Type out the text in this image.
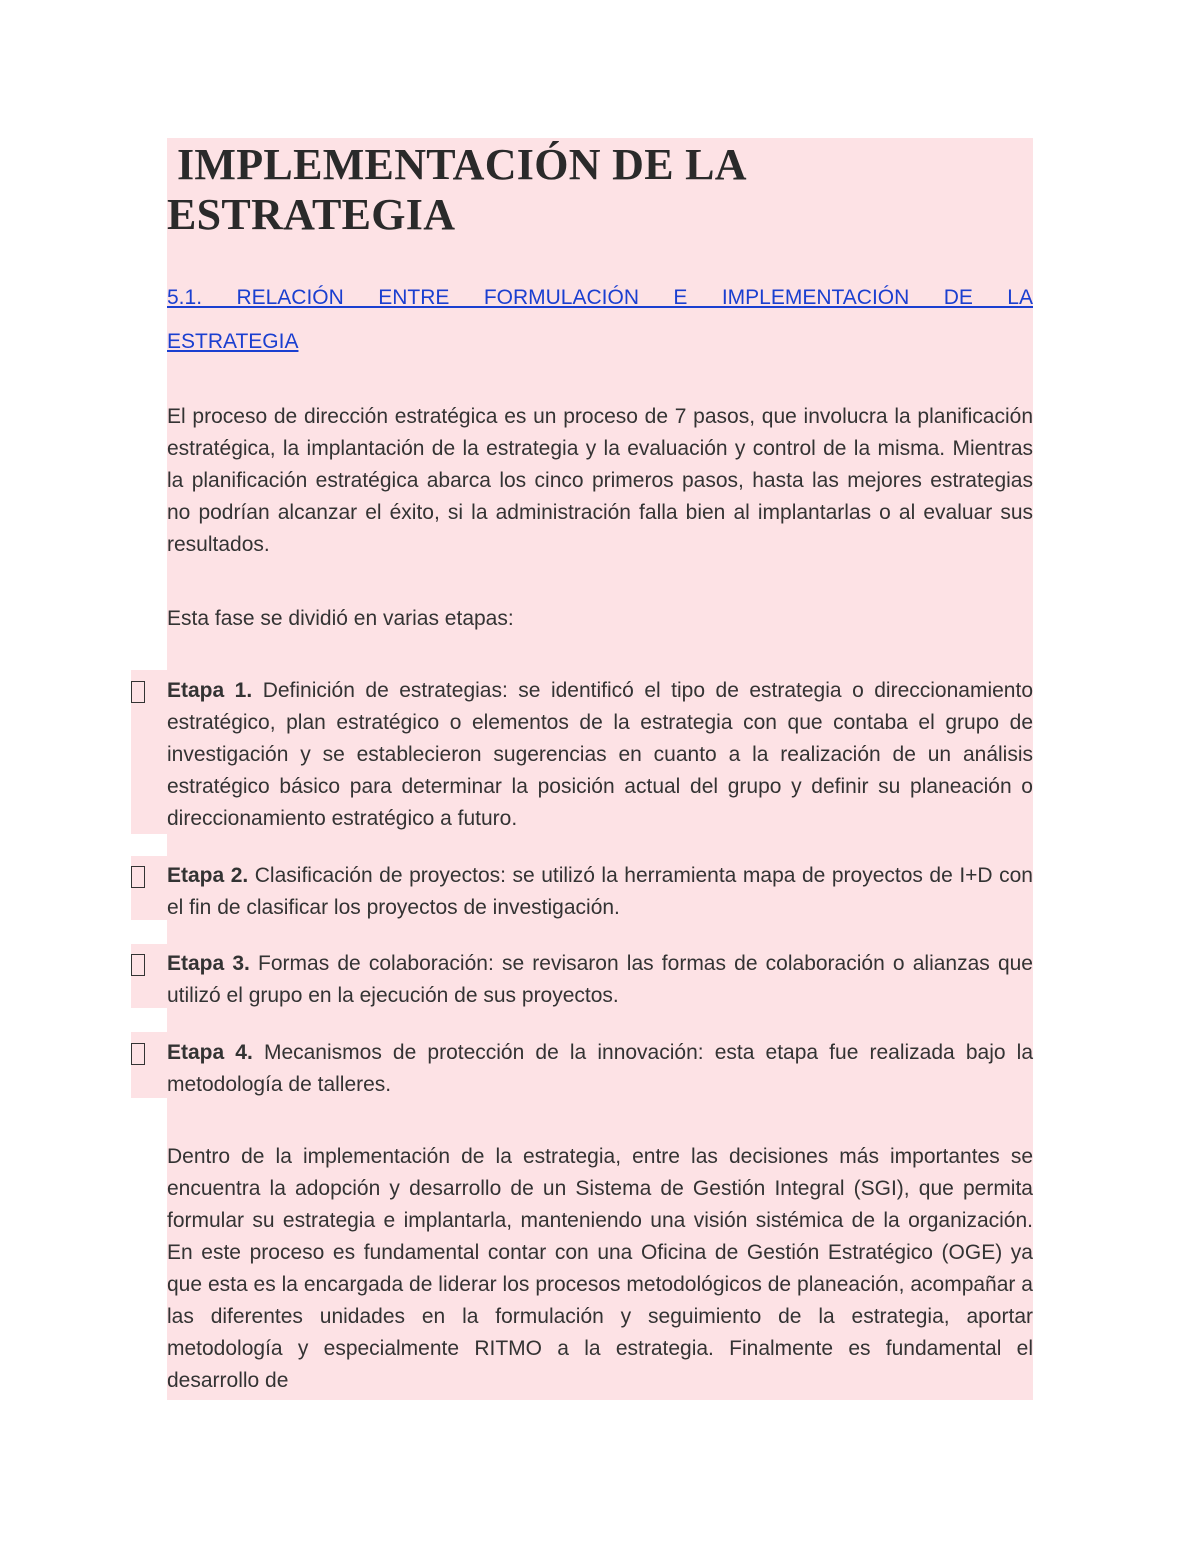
IMPLEMENTACIÓN DE LA
ESTRATEGIA
5.1. RELACIÓN ENTRE FORMULACIÓN E IMPLEMENTACIÓN DE LA
ESTRATEGIA

El proceso de dirección estratégica es un proceso de 7 pasos, que involucra la planificación estratégica, la implantación de la estrategia y la evaluación y control de la misma. Mientras la planificación estratégica abarca los cinco primeros pasos, hasta las mejores estrategias no podrían alcanzar el éxito, si la administración falla bien al implantarlas o al evaluar sus resultados.

Esta fase se dividió en varias etapas:

Etapa 1. Definición de estrategias: se identificó el tipo de estrategia o direccionamiento estratégico, plan estratégico o elementos de la estrategia con que contaba el grupo de investigación y se establecieron sugerencias en cuanto a la realización de un análisis estratégico básico para determinar la posición actual del grupo y definir su planeación o direccionamiento estratégico a futuro.

Etapa 2. Clasificación de proyectos: se utilizó la herramienta mapa de proyectos de I+D con el fin de clasificar los proyectos de investigación.

Etapa 3. Formas de colaboración: se revisaron las formas de colaboración o alianzas que utilizó el grupo en la ejecución de sus proyectos.

Etapa 4. Mecanismos de protección de la innovación: esta etapa fue realizada bajo la metodología de talleres.

Dentro de la implementación de la estrategia, entre las decisiones más importantes se encuentra la adopción y desarrollo de un Sistema de Gestión Integral (SGI), que permita formular su estrategia e implantarla, manteniendo una visión sistémica de la organización. En este proceso es fundamental contar con una Oficina de Gestión Estratégico (OGE) ya que esta es la encargada de liderar los procesos metodológicos de planeación, acompañar a las diferentes unidades en la formulación y seguimiento de la estrategia, aportar metodología y especialmente RITMO a la estrategia. Finalmente es fundamental el desarrollo de
